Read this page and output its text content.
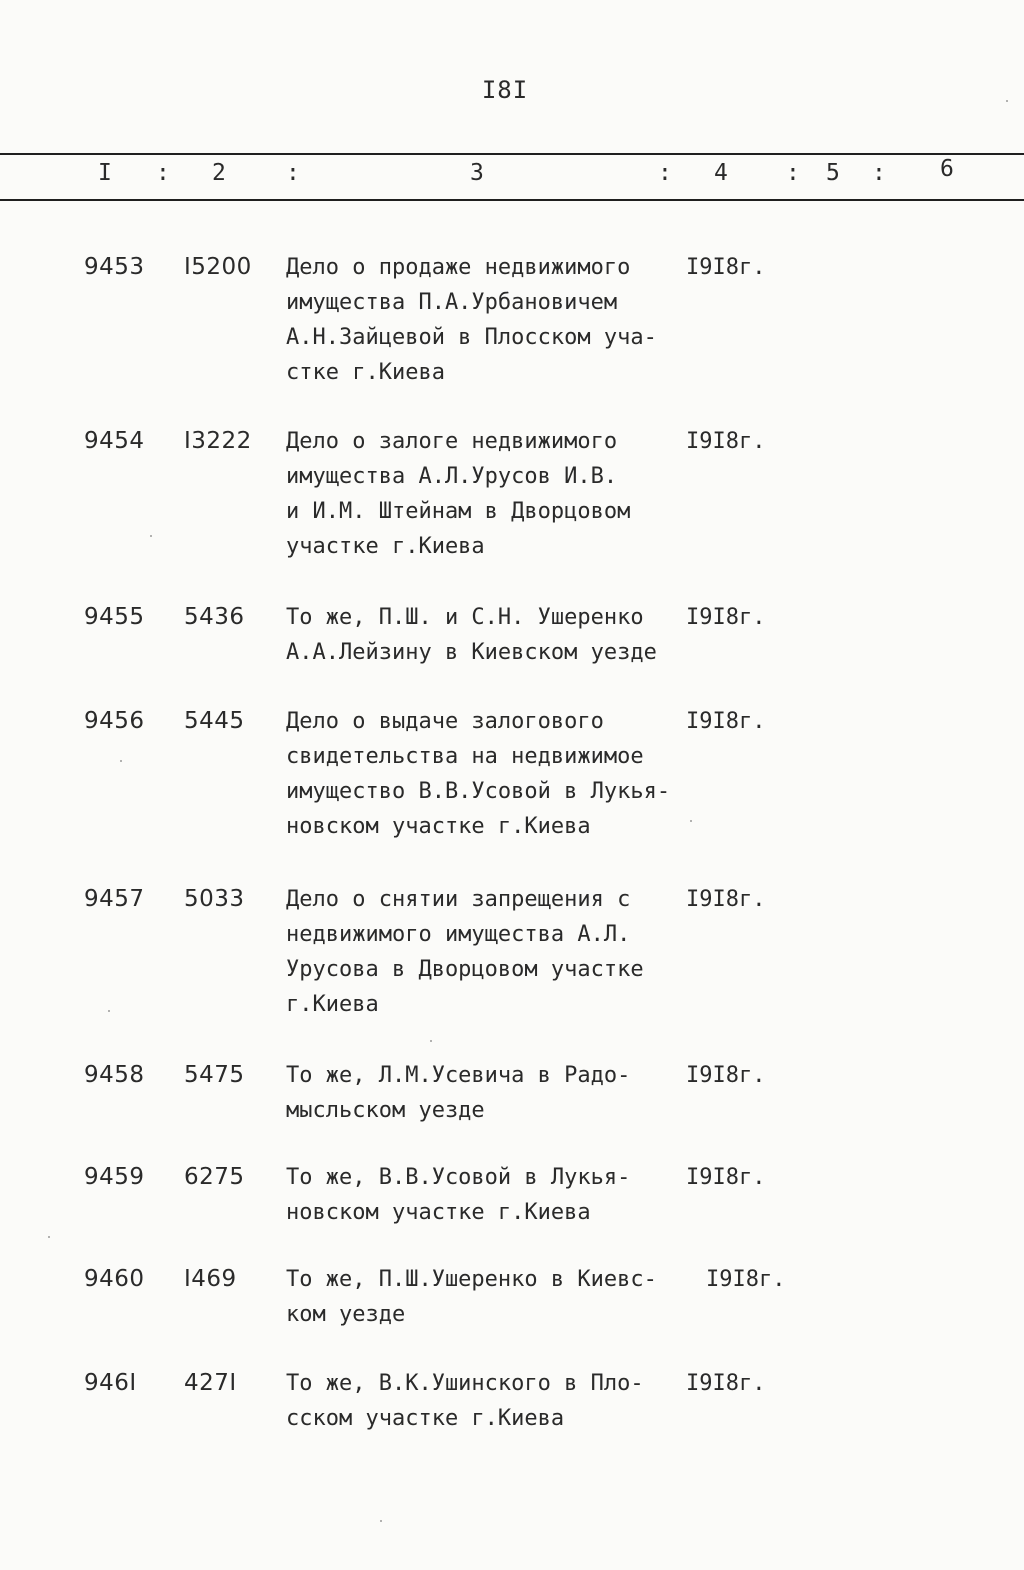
I8I
I : 2	:	3	: 4	: 5 : 6
9453 I5200 Дело о продаже недвижимого
имущества П.А.Урбановичем
А.Н.Зайцевой в Плосском уча-
стке г.Киева
I9I8г.
9454 I3222 Дело о залоге недвижимого
имущества А.Л.Урусов И.В.
и И.М. Штейнам в Дворцовом
участке г.Киева
I9I8г.
9455 5436 То же, П.Ш. и С.Н. Ушеренко
А.А.Лейзину в Киевском уезде
I9I8г.
9456 5445 Дело о выдаче залогового
свидетельства на недвижимое
имущество В.В.Усовой в Лукья-
новском участке г.Киева
I9I8г.
9457 5033 Дело о снятии запрещения с
недвижимого имущества А.Л.
Урусова в Дворцовом участке
г.Киева
I9I8г.
9458 5475 То же, Л.М.Усевича в Радо-
мысльском уезде
I9I8г.
9459 6275 То же, В.В.Усовой в Лукья-
новском участке г.Киева
I9I8г.
9460 I469 То же, П.Ш.Ушеренко в Киевс-
ком уезде
I9I8г.
946I 427I То же, В.К.Ушинского в Пло-
сском участке г.Киева
I9I8г.
